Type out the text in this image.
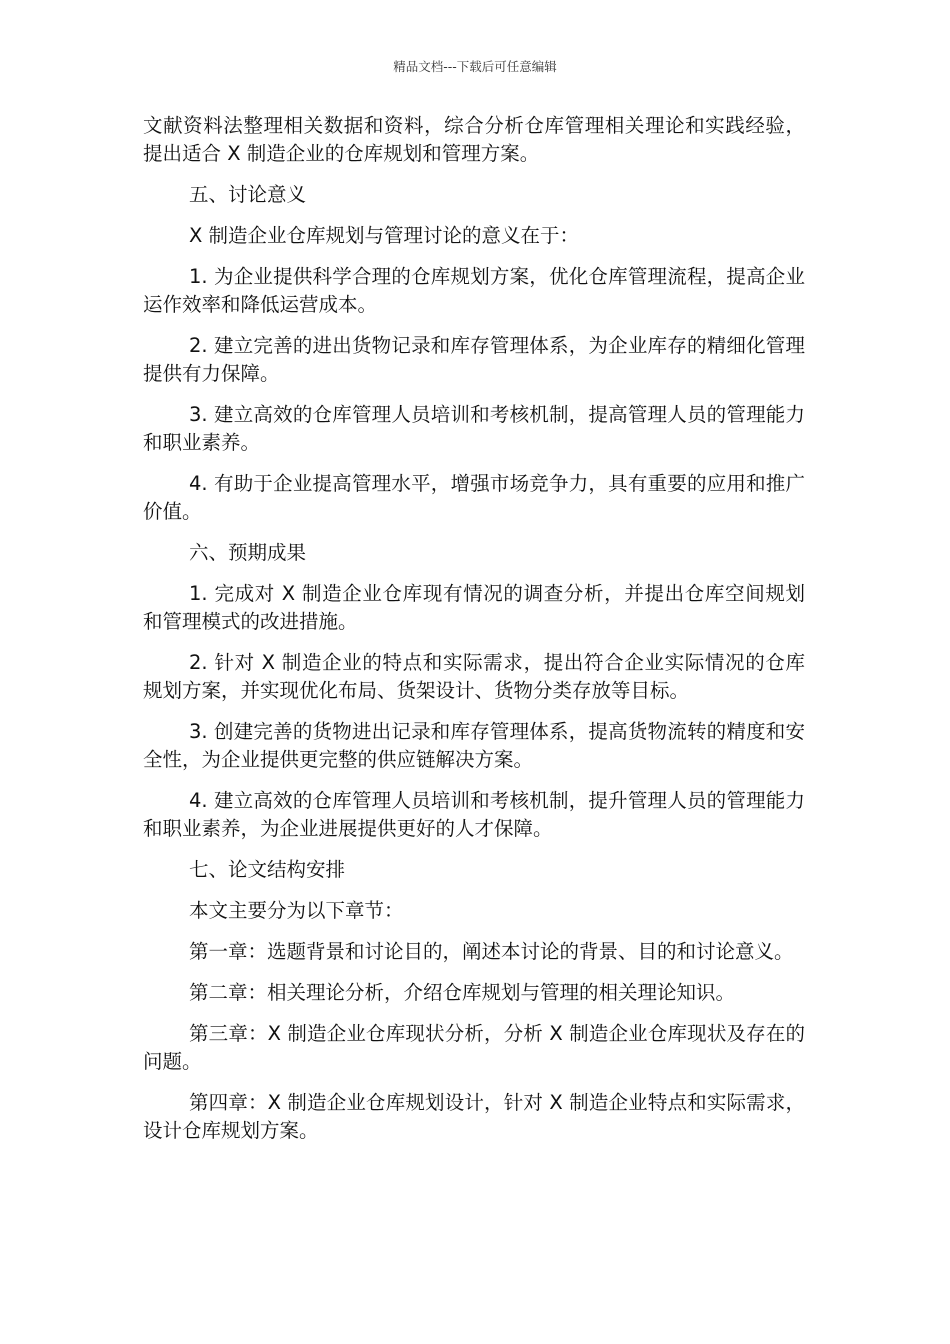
精品文档---下载后可任意编辑

文献资料法整理相关数据和资料，综合分析仓库管理相关理论和实践经验，提出适合 X 制造企业的仓库规划和管理方案。

五、讨论意义

X 制造企业仓库规划与管理讨论的意义在于：

1. 为企业提供科学合理的仓库规划方案，优化仓库管理流程，提高企业运作效率和降低运营成本。

2. 建立完善的进出货物记录和库存管理体系，为企业库存的精细化管理提供有力保障。

3. 建立高效的仓库管理人员培训和考核机制，提高管理人员的管理能力和职业素养。

4. 有助于企业提高管理水平，增强市场竞争力，具有重要的应用和推广价值。

六、预期成果

1. 完成对 X 制造企业仓库现有情况的调查分析，并提出仓库空间规划和管理模式的改进措施。

2. 针对 X 制造企业的特点和实际需求，提出符合企业实际情况的仓库规划方案，并实现优化布局、货架设计、货物分类存放等目标。

3. 创建完善的货物进出记录和库存管理体系，提高货物流转的精度和安全性，为企业提供更完整的供应链解决方案。

4. 建立高效的仓库管理人员培训和考核机制，提升管理人员的管理能力和职业素养，为企业进展提供更好的人才保障。

七、论文结构安排

本文主要分为以下章节：

第一章：选题背景和讨论目的，阐述本讨论的背景、目的和讨论意义。

第二章：相关理论分析，介绍仓库规划与管理的相关理论知识。

第三章：X 制造企业仓库现状分析，分析 X 制造企业仓库现状及存在的问题。

第四章：X 制造企业仓库规划设计，针对 X 制造企业特点和实际需求，设计仓库规划方案。
